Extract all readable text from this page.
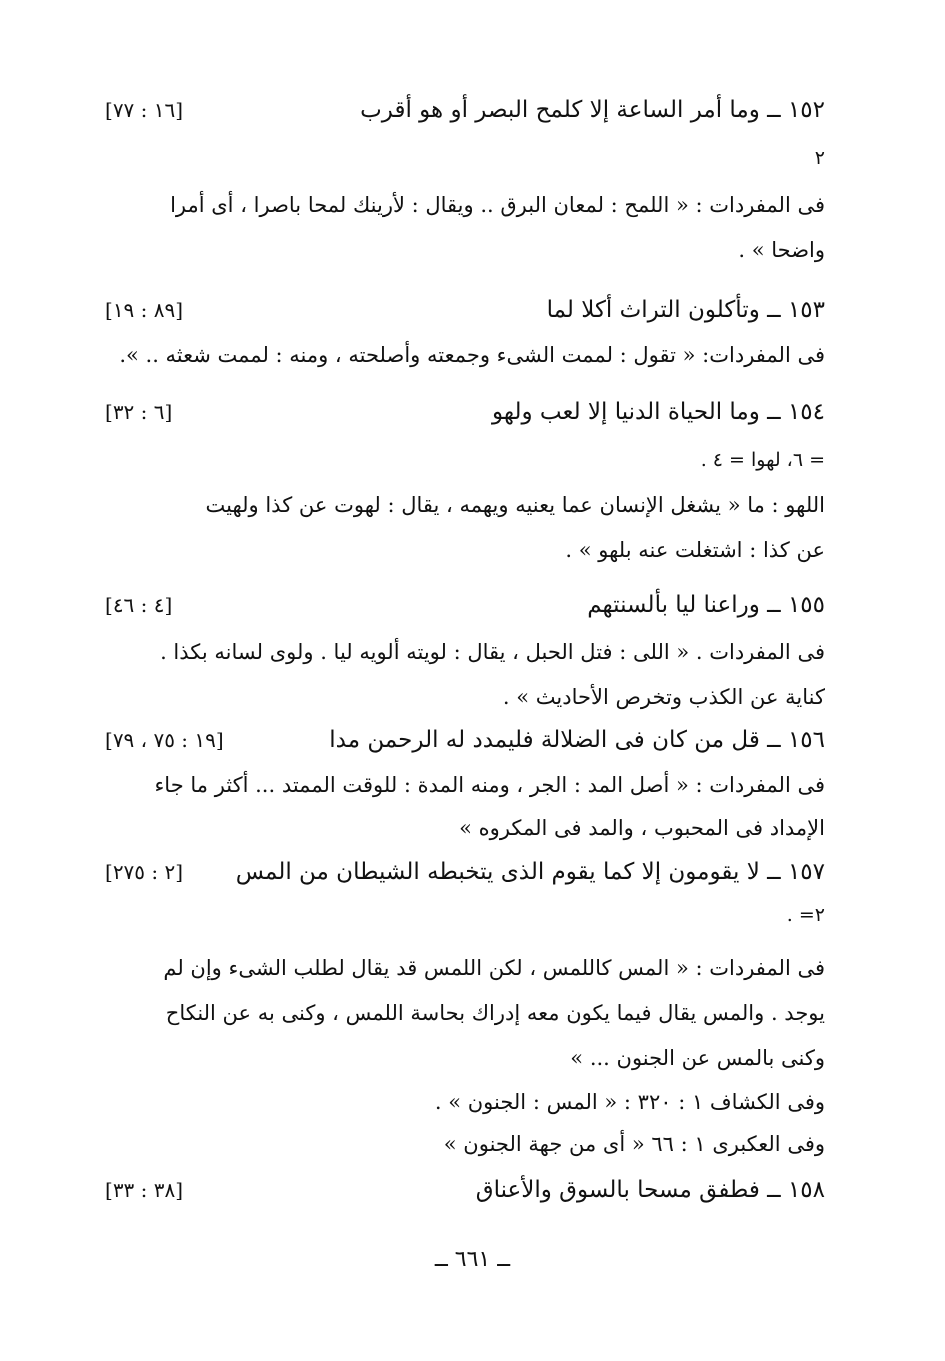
١٥٢ ــ وما أمر الساعة إلا كلمح البصر أو هو أقرب
[١٦ : ٧٧]
٢
فى المفردات : « اللمح : لمعان البرق .. ويقال : لأرينك لمحا باصرا ، أى أمرا
واضحا » .
١٥٣ ــ وتأكلون التراث أكلا لما
[٨٩ : ١٩]
فى المفردات: « تقول : لممت الشىء وجمعته وأصلحته ، ومنه : لممت شعثه .. ».
١٥٤ ــ وما الحياة الدنيا إلا لعب ولهو
[٦ : ٣٢]
= ٦، لهوا = ٤ .
اللهو : ما « يشغل الإنسان عما يعنيه ويهمه ، يقال : لهوت عن كذا ولهيت
عن كذا : اشتغلت عنه بلهو » .
١٥٥ ــ وراعنا ليا بألسنتهم
[٤ : ٤٦]
فى المفردات . « اللى : فتل الحبل ، يقال : لويته ألويه ليا . ولوى لسانه بكذا .
كناية عن الكذب وتخرص الأحاديث » .
١٥٦ ــ قل من كان فى الضلالة فليمدد له الرحمن مدا
[١٩ : ٧٥ ، ٧٩]
فى المفردات : « أصل المد : الجر ، ومنه المدة : للوقت الممتد ... أكثر ما جاء
الإمداد فى المحبوب ، والمد فى المكروه »
١٥٧ ــ لا يقومون إلا كما يقوم الذى يتخبطه الشيطان من المس
[٢ : ٢٧٥]
٢= .
فى المفردات : « المس كاللمس ، لكن اللمس قد يقال لطلب الشىء وإن لم
يوجد . والمس يقال فيما يكون معه إدراك بحاسة اللمس ، وكنى به عن النكاح
وكنى بالمس عن الجنون ... »
وفى الكشاف ١ : ٣٢٠ : « المس : الجنون » .
وفى العكبرى ١ : ٦٦ « أى من جهة الجنون »
١٥٨ ــ فطفق مسحا بالسوق والأعناق
[٣٨ : ٣٣]
ــ ٦٦١ ــ
